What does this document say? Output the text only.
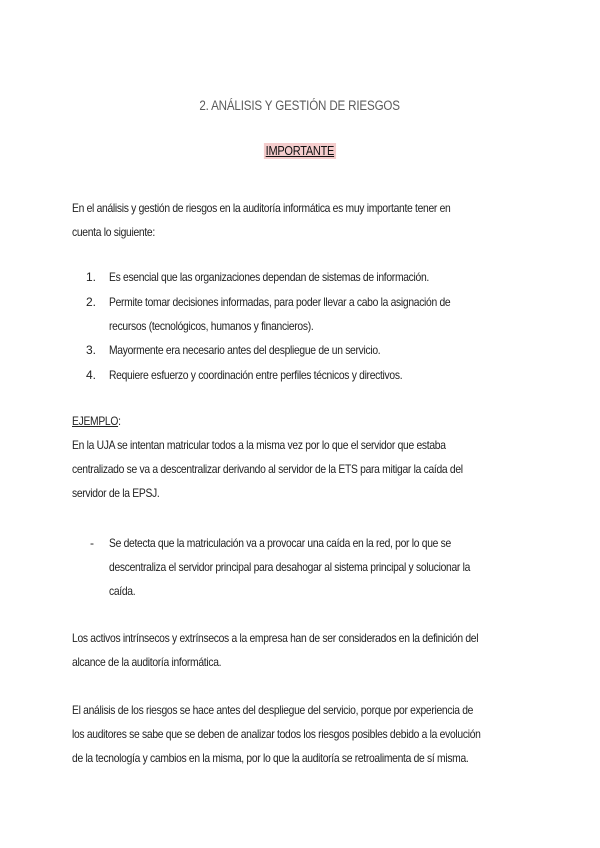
2. ANÁLISIS Y GESTIÓN DE RIESGOS
IMPORTANTE
En el análisis y gestión de riesgos en la auditoría informática es muy importante tener en
cuenta lo siguiente:
1. Es esencial que las organizaciones dependan de sistemas de información.
2. Permite tomar decisiones informadas, para poder llevar a cabo la asignación de
recursos (tecnológicos, humanos y financieros).
3. Mayormente era necesario antes del despliegue de un servicio.
4. Requiere esfuerzo y coordinación entre perfiles técnicos y directivos.
EJEMPLO:
En la UJA se intentan matricular todos a la misma vez por lo que el servidor que estaba
centralizado se va a descentralizar derivando al servidor de la ETS para mitigar la caída del
servidor de la EPSJ.
- Se detecta que la matriculación va a provocar una caída en la red, por lo que se
descentraliza el servidor principal para desahogar al sistema principal y solucionar la
caída.
Los activos intrínsecos y extrínsecos a la empresa han de ser considerados en la definición del
alcance de la auditoría informática.
El análisis de los riesgos se hace antes del despliegue del servicio, porque por experiencia de
los auditores se sabe que se deben de analizar todos los riesgos posibles debido a la evolución
de la tecnología y cambios en la misma, por lo que la auditoría se retroalimenta de sí misma.
